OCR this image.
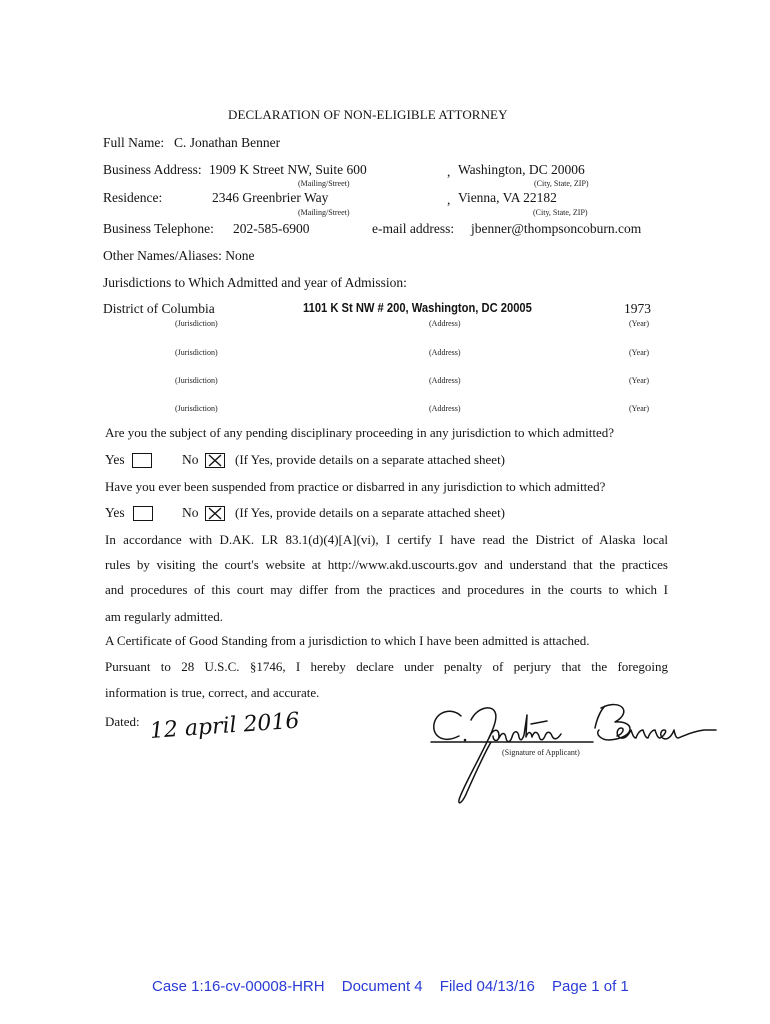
DECLARATION OF NON-ELIGIBLE ATTORNEY
Full Name: C. Jonathan Benner
Business Address: 1909 K Street NW, Suite 600	, Washington, DC 20006
(Mailing/Street)	(City, State, ZIP)
Residence:	2346 Greenbrier Way	, Vienna, VA 22182
(Mailing/Street)	(City, State, ZIP)
Business Telephone: 202-585-6900	e-mail address: jbenner@thompsoncoburn.com
Other Names/Aliases: None
Jurisdictions to Which Admitted and year of Admission:
District of Columbia	1101 K St NW # 200, Washington, DC 20005	1973
(Jurisdiction)	(Address)	(Year)
(Jurisdiction)	(Address)	(Year)
(Jurisdiction)	(Address)	(Year)
(Jurisdiction)	(Address)	(Year)
Are you the subject of any pending disciplinary proceeding in any jurisdiction to which admitted?
Yes	No	(If Yes, provide details on a separate attached sheet)
Have you ever been suspended from practice or disbarred in any jurisdiction to which admitted?
Yes	No	(If Yes, provide details on a separate attached sheet)
In accordance with D.AK. LR 83.1(d)(4)[A](vi), I certify I have read the District of Alaska local
rules by visiting the court's website at http://www.akd.uscourts.gov and understand that the practices
and procedures of this court may differ from the practices and procedures in the courts to which I
am regularly admitted.
A Certificate of Good Standing from a jurisdiction to which I have been admitted is attached.
Pursuant to 28 U.S.C. §1746, I hereby declare under penalty of perjury that the foregoing
information is true, correct, and accurate.
Dated: 12 april 2016
(Signature of Applicant)
Case 1:16-cv-00008-HRH Document 4 Filed 04/13/16 Page 1 of 1
